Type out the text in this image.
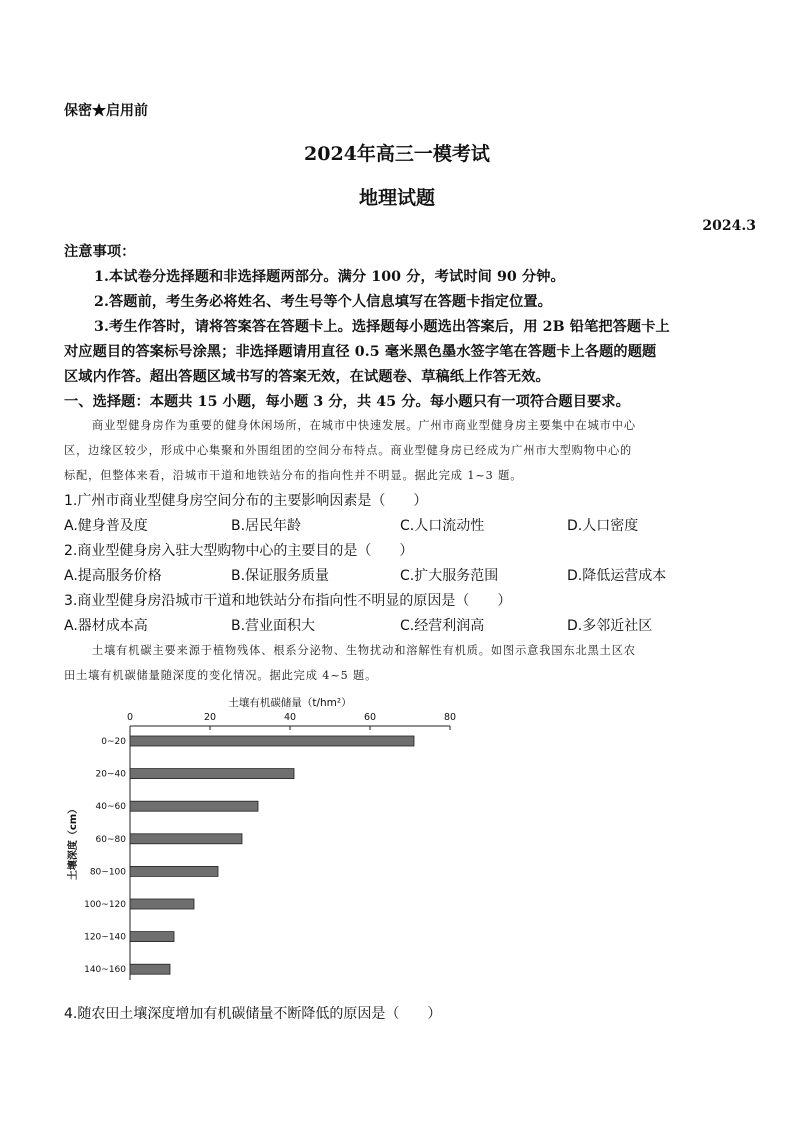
保密★启用前
2024年高三一模考试
地理试题
2024.3
注意事项：
1.本试卷分选择题和非选择题两部分。满分 100 分，考试时间 90 分钟。
2.答题前，考生务必将姓名、考生号等个人信息填写在答题卡指定位置。
3.考生作答时，请将答案答在答题卡上。选择题每小题选出答案后，用 2B 铅笔把答题卡上
对应题目的答案标号涂黑；非选择题请用直径 0.5 毫米黑色墨水签字笔在答题卡上各题的题题
区域内作答。超出答题区域书写的答案无效，在试题卷、草稿纸上作答无效。
一、选择题：本题共 15 小题，每小题 3 分，共 45 分。每小题只有一项符合题目要求。
商业型健身房作为重要的健身休闲场所，在城市中快速发展。广州市商业型健身房主要集中在城市中心
区，边缘区较少，形成中心集聚和外围组团的空间分布特点。商业型健身房已经成为广州市大型购物中心的
标配，但整体来看，沿城市干道和地铁站分布的指向性并不明显。据此完成 1~3 题。
1.广州市商业型健身房空间分布的主要影响因素是（　　）
A.健身普及度	B.居民年龄	C.人口流动性	D.人口密度
2.商业型健身房入驻大型购物中心的主要目的是（　　）
A.提高服务价格	B.保证服务质量	C.扩大服务范围	D.降低运营成本
3.商业型健身房沿城市干道和地铁站分布指向性不明显的原因是（　　）
A.器材成本高	B.营业面积大	C.经营利润高	D.多邻近社区
土壤有机碳主要来源于植物残体、根系分泌物、生物扰动和溶解性有机质。如图示意我国东北黑土区农
田土壤有机碳储量随深度的变化情况。据此完成 4~5 题。
土壤有机碳储量（t/hm²）
0	20	40	60	80
0~20
20~40
40~60
60~80
80~100
100~120
120~140
140~160
土壤深度（cm）
4.随农田土壤深度增加有机碳储量不断降低的原因是（　　）
